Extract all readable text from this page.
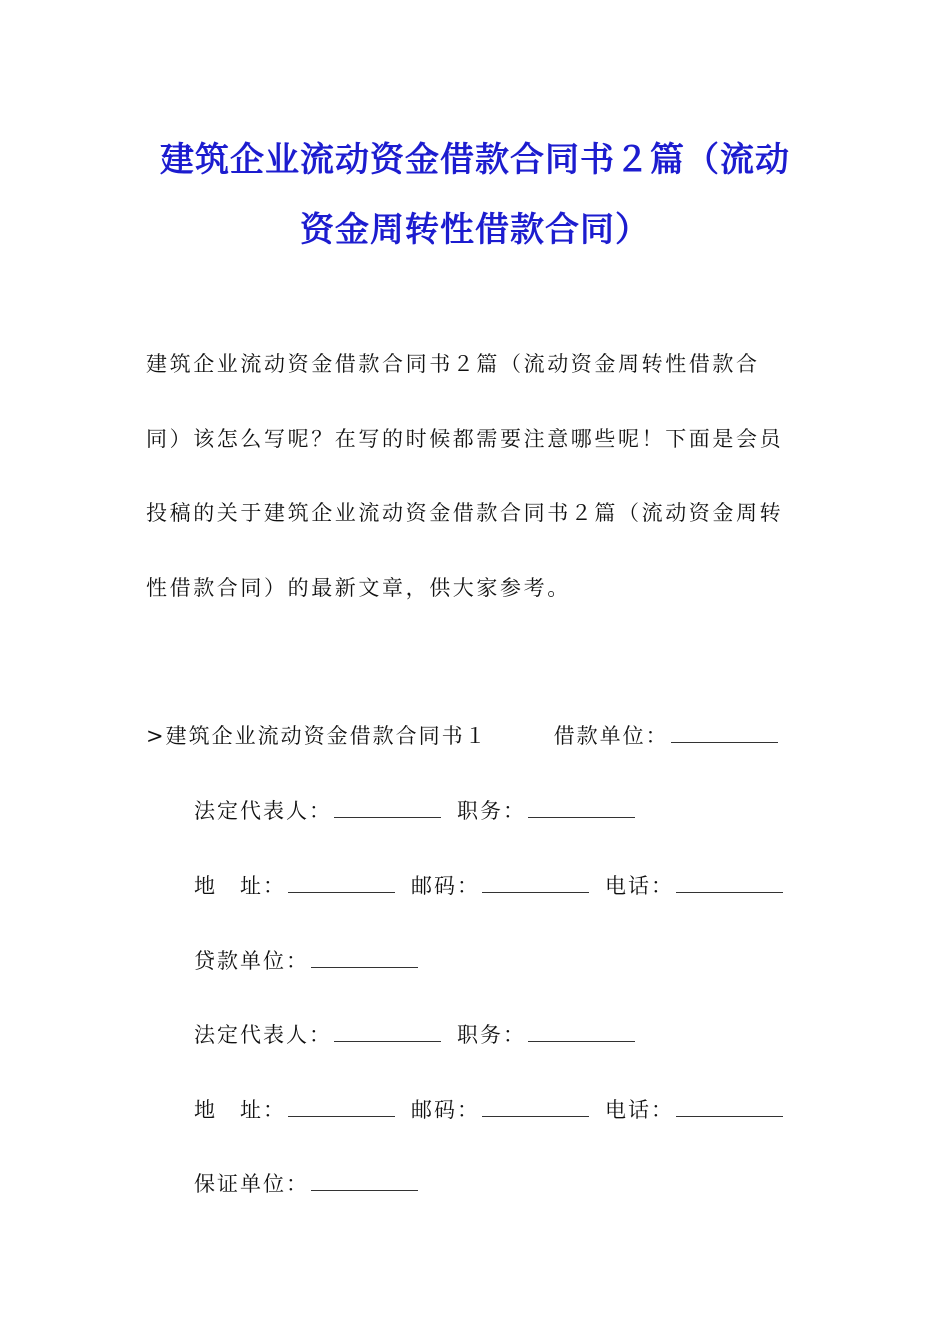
建筑企业流动资金借款合同书２篇（流动
资金周转性借款合同）
建筑企业流动资金借款合同书２篇（流动资金周转性借款合
同）该怎么写呢？在写的时候都需要注意哪些呢！下面是会员
投稿的关于建筑企业流动资金借款合同书２篇（流动资金周转
性借款合同）的最新文章，供大家参考。
>建筑企业流动资金借款合同书１	借款单位：
法定代表人：	职务：
地　址：	邮码：	电话：
贷款单位：
法定代表人：	职务：
地　址：	邮码：	电话：
保证单位：
